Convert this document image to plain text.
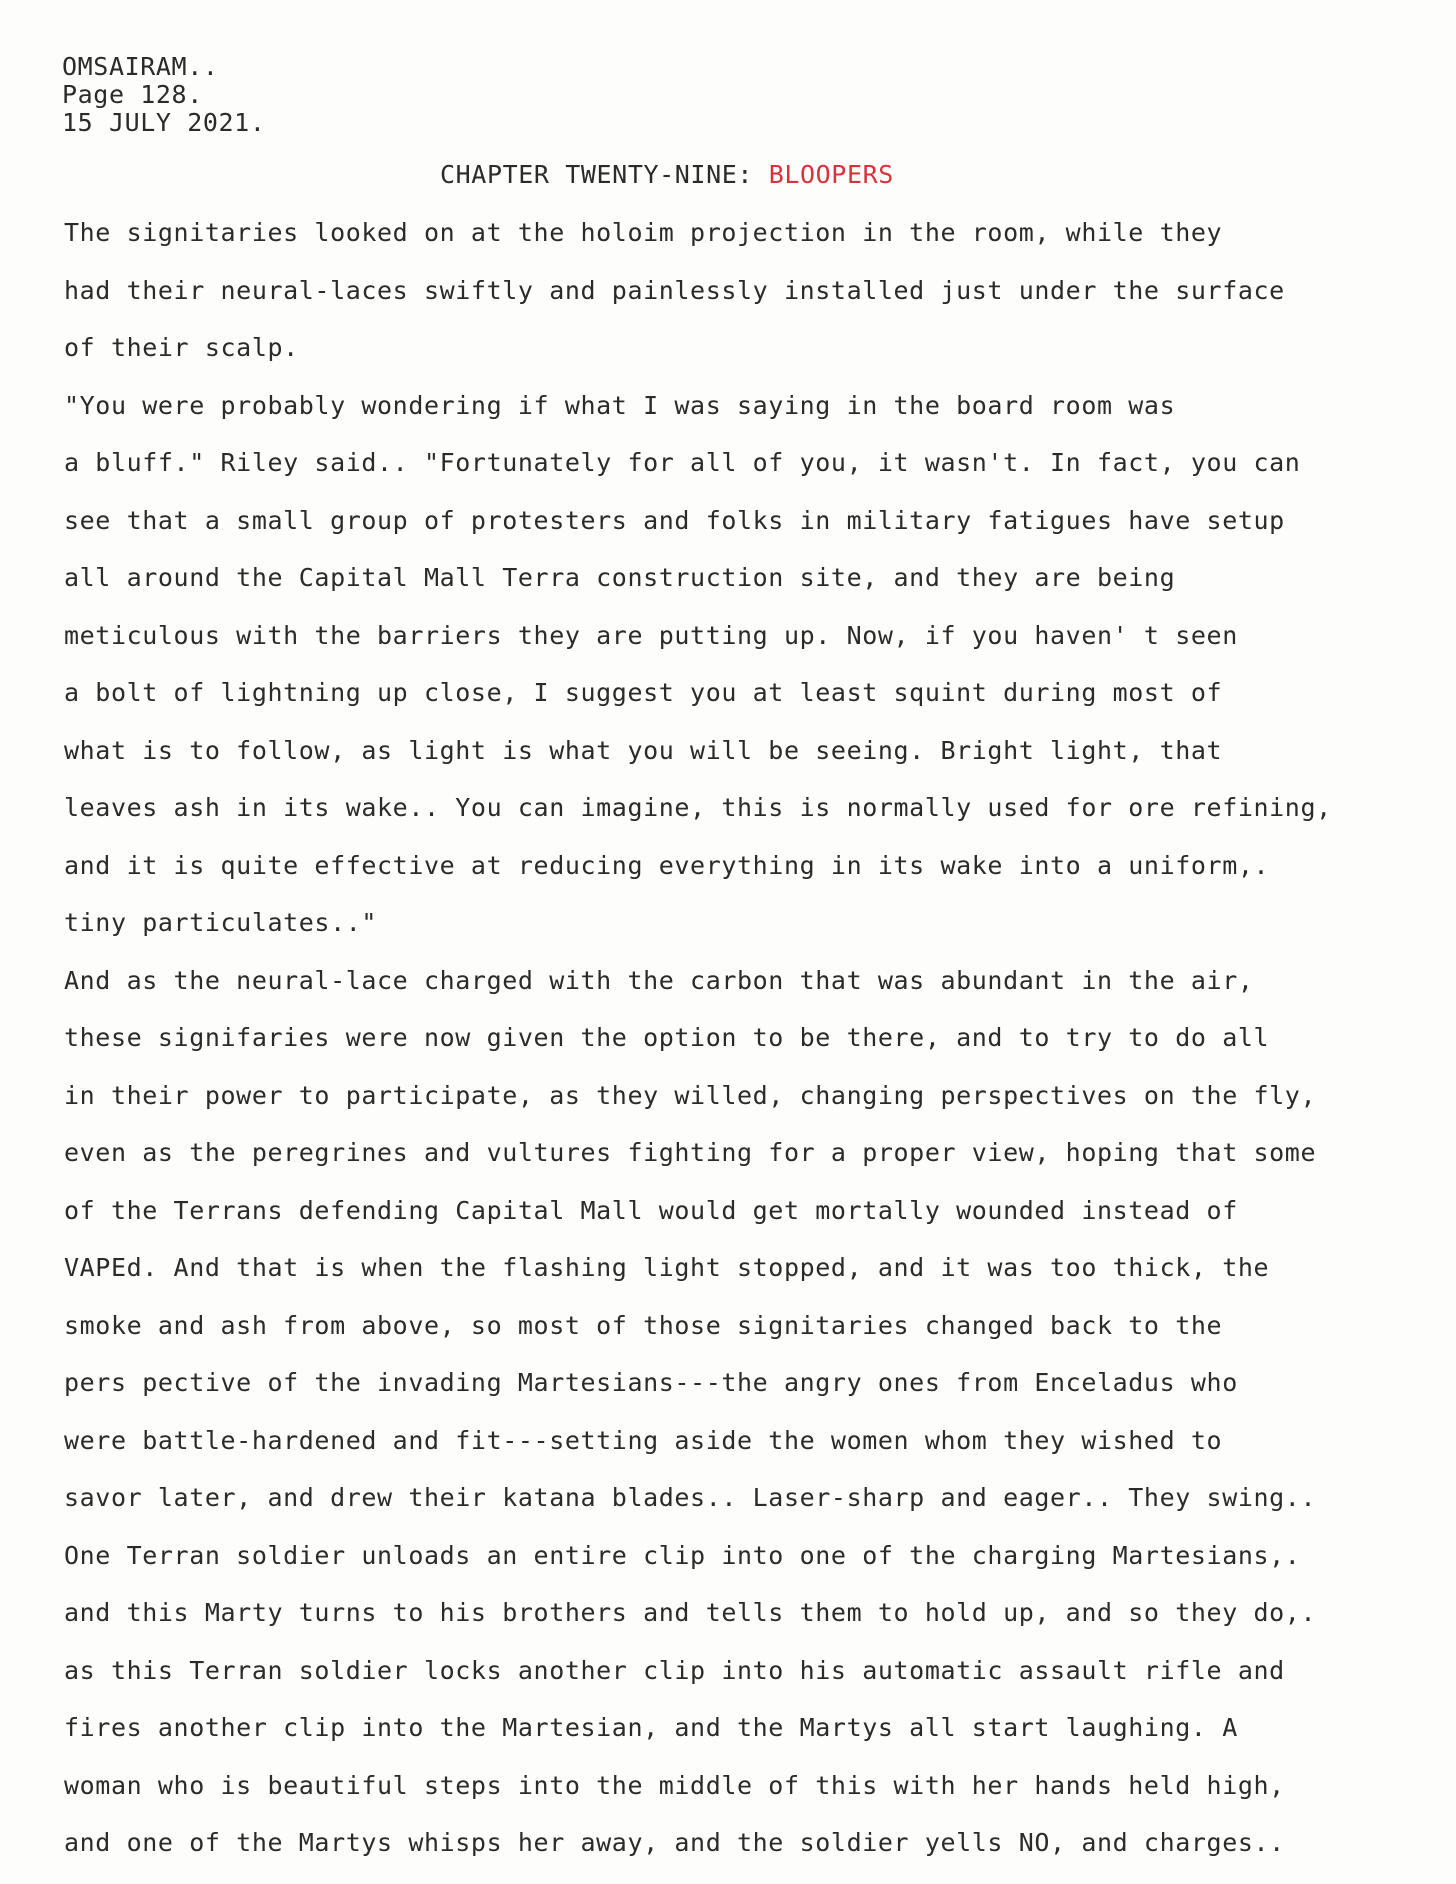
OMSAIRAM..
Page 128.
15 JULY 2021.
CHAPTER TWENTY-NINE: BLOOPERS
The signitaries looked on at the holoim projection in the room, while they
had their neural-laces swiftly and painlessly installed just under the surface
of their scalp.
"You were probably wondering if what I was saying in the board room was
a bluff." Riley said.. "Fortunately for all of you, it wasn't. In fact, you can
see that a small group of protesters and folks in military fatigues have setup
all around the Capital Mall Terra construction site, and they are being
meticulous with the barriers they are putting up. Now, if you haven' t seen
a bolt of lightning up close, I suggest you at least squint during most of
what is to follow, as light is what you will be seeing. Bright light, that
leaves ash in its wake.. You can imagine, this is normally used for ore refining,
and it is quite effective at reducing everything in its wake into a uniform,.
tiny particulates.."
And as the neural-lace charged with the carbon that was abundant in the air,
these signifaries were now given the option to be there, and to try to do all
in their power to participate, as they willed, changing perspectives on the fly,
even as the peregrines and vultures fighting for a proper view, hoping that some
of the Terrans defending Capital Mall would get mortally wounded instead of
VAPEd. And that is when the flashing light stopped, and it was too thick, the
smoke and ash from above, so most of those signitaries changed back to the
pers pective of the invading Martesians---the angry ones from Enceladus who
were battle-hardened and fit---setting aside the women whom they wished to
savor later, and drew their katana blades.. Laser-sharp and eager.. They swing..
One Terran soldier unloads an entire clip into one of the charging Martesians,.
and this Marty turns to his brothers and tells them to hold up, and so they do,.
as this Terran soldier locks another clip into his automatic assault rifle and
fires another clip into the Martesian, and the Martys all start laughing. A
woman who is beautiful steps into the middle of this with her hands held high,
and one of the Martys whisps her away, and the soldier yells NO, and charges..
